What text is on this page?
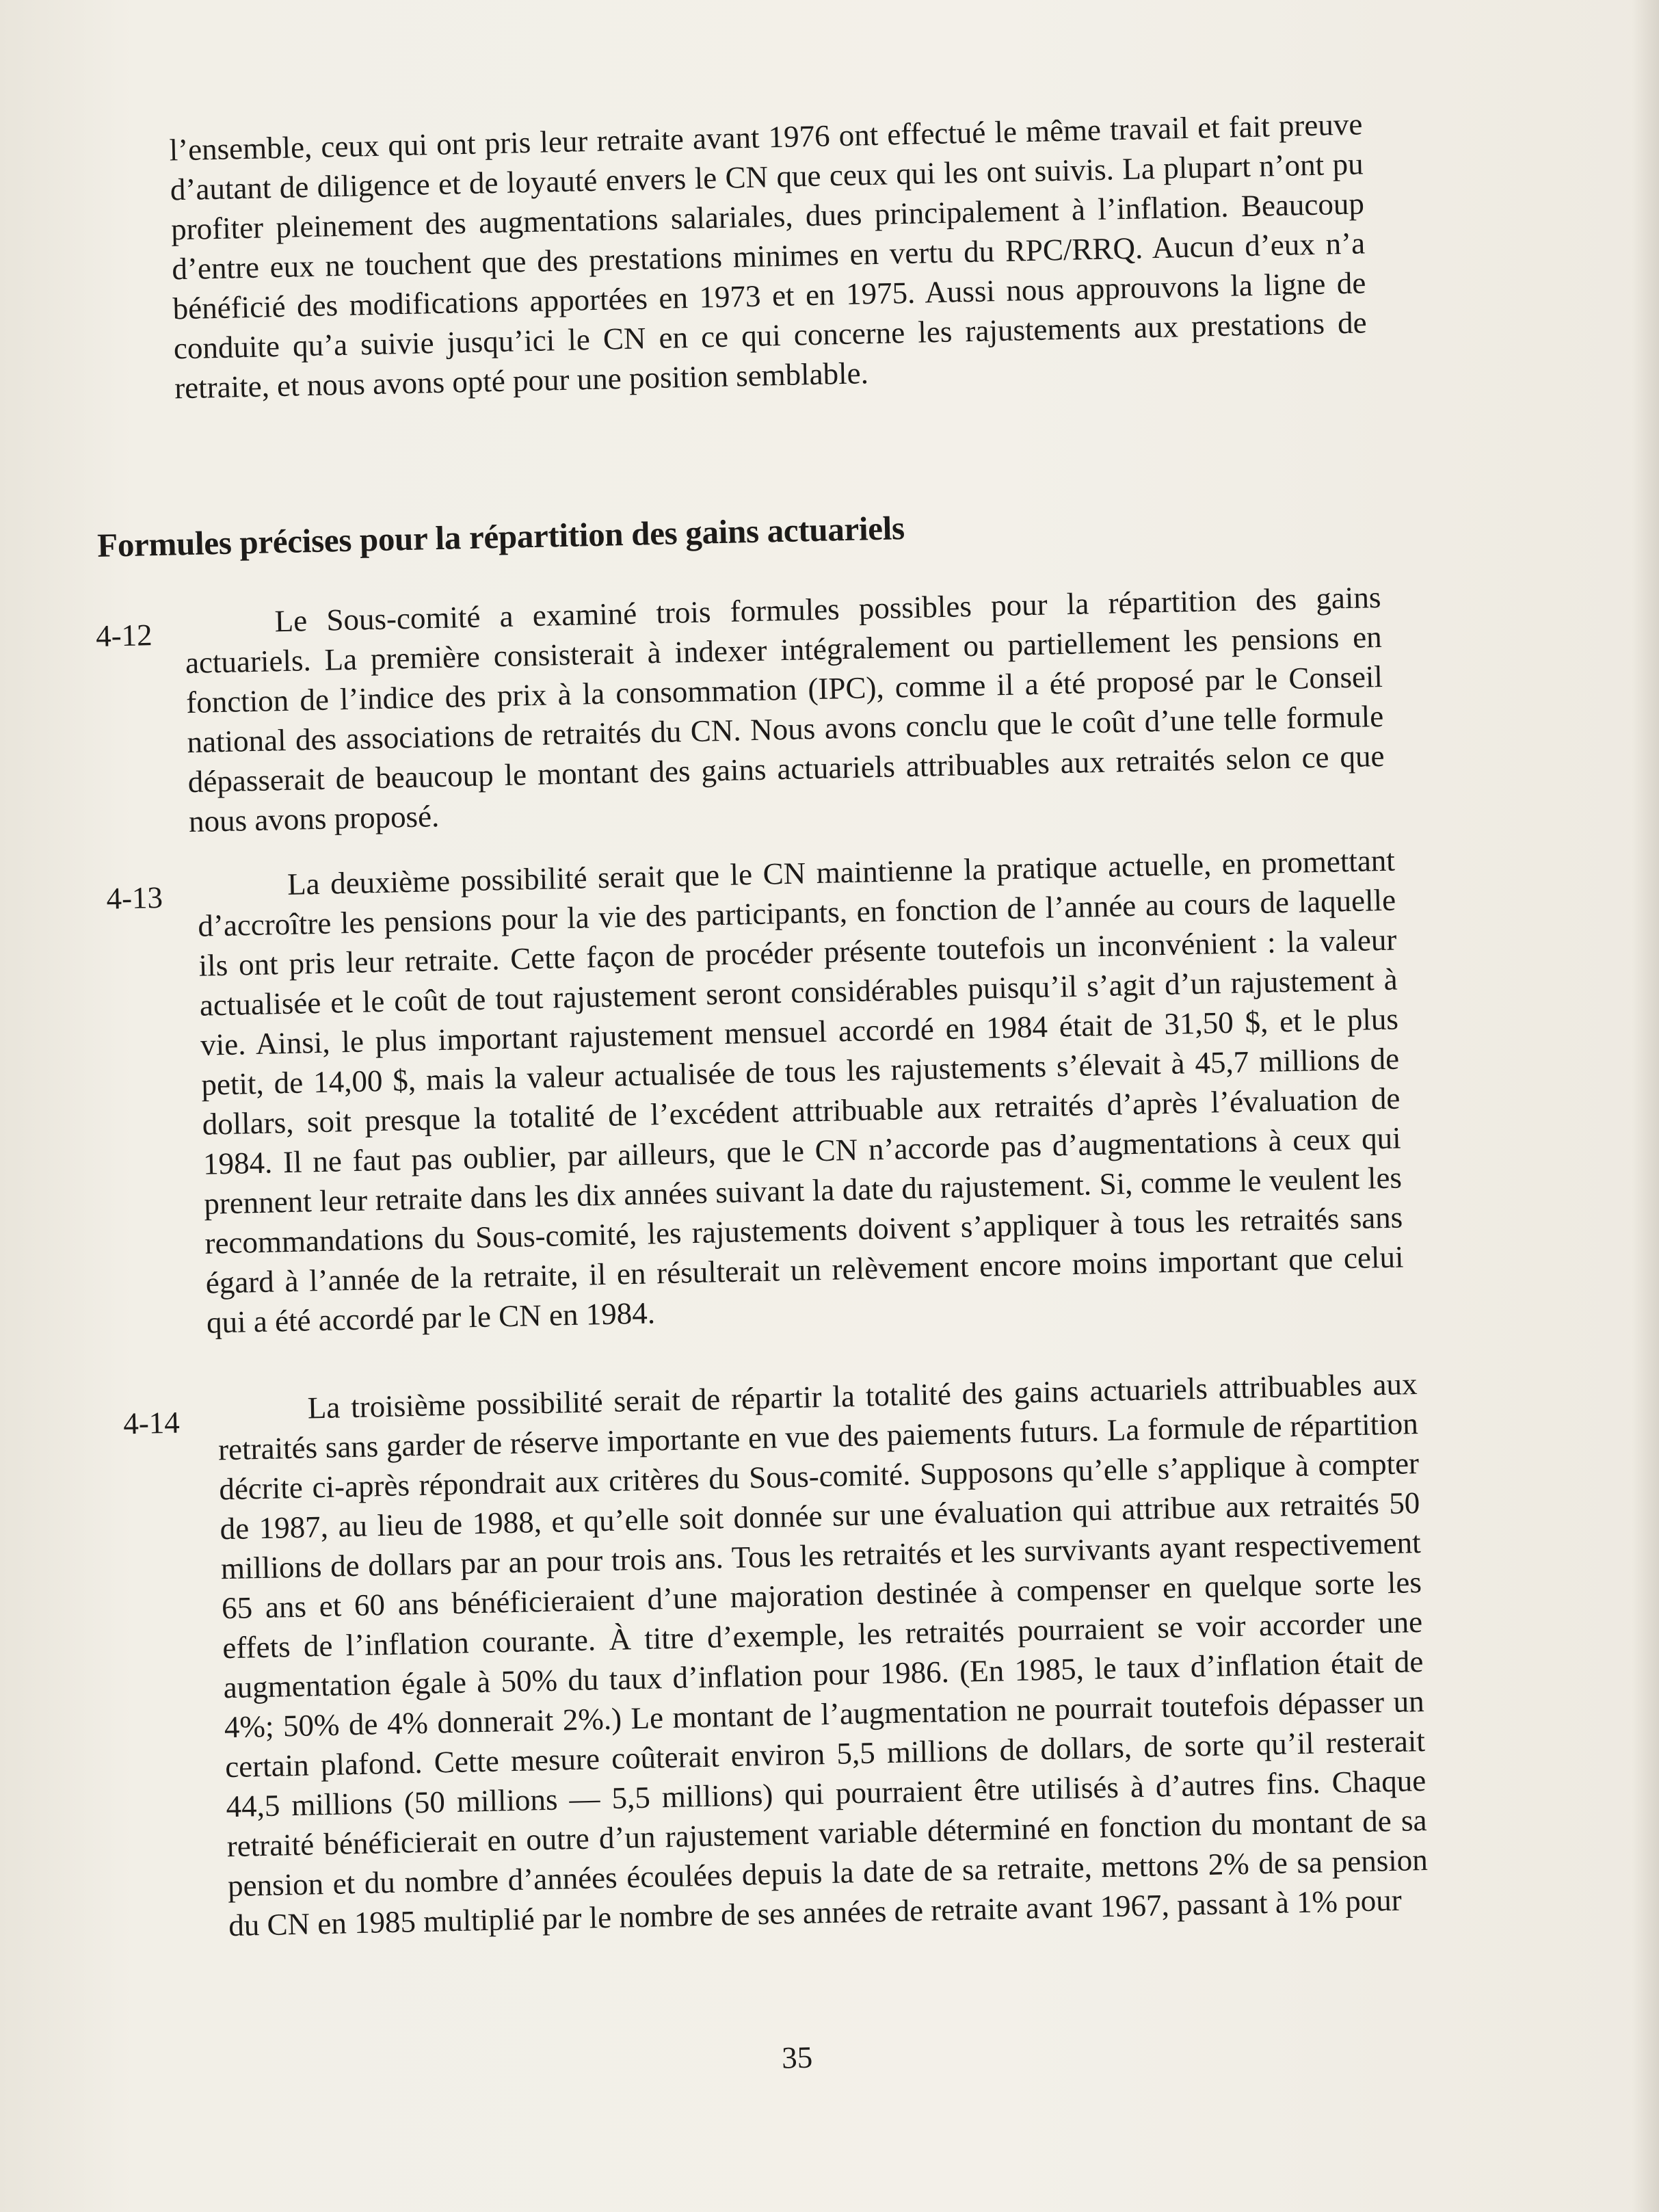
l’ensemble, ceux qui ont pris leur retraite avant 1976 ont effectué le même travail et fait preuve d’autant de diligence et de loyauté envers le CN que ceux qui les ont suivis. La plupart n’ont pu profiter pleinement des augmentations salariales, dues principalement à l’inflation. Beaucoup d’entre eux ne touchent que des prestations minimes en vertu du RPC/RRQ. Aucun d’eux n’a bénéficié des modifications apportées en 1973 et en 1975. Aussi nous approuvons la ligne de conduite qu’a suivie jusqu’ici le CN en ce qui concerne les rajustements aux prestations de retraite, et nous avons opté pour une position semblable.

Formules précises pour la répartition des gains actuariels
4-12	Le Sous-comité a examiné trois formules possibles pour la répartition des gains actuariels. La première consisterait à indexer intégralement ou partiellement les pensions en fonction de l’indice des prix à la consommation (IPC), comme il a été proposé par le Conseil national des associations de retraités du CN. Nous avons conclu que le coût d’une telle formule dépasserait de beaucoup le montant des gains actuariels attribuables aux retraités selon ce que nous avons proposé.

4-13	La deuxième possibilité serait que le CN maintienne la pratique actuelle, en promettant d’accroître les pensions pour la vie des participants, en fonction de l’année au cours de laquelle ils ont pris leur retraite. Cette façon de procéder présente toutefois un inconvénient : la valeur actualisée et le coût de tout rajustement seront considérables puisqu’il s’agit d’un rajustement à vie. Ainsi, le plus important rajustement mensuel accordé en 1984 était de 31,50 $, et le plus petit, de 14,00 $, mais la valeur actualisée de tous les rajustements s’élevait à 45,7 millions de dollars, soit presque la totalité de l’excédent attribuable aux retraités d’après l’évaluation de 1984. Il ne faut pas oublier, par ailleurs, que le CN n’accorde pas d’augmentations à ceux qui prennent leur retraite dans les dix années suivant la date du rajustement. Si, comme le veulent les recommandations du Sous-comité, les rajustements doivent s’appliquer à tous les retraités sans égard à l’année de la retraite, il en résulterait un relèvement encore moins important que celui qui a été accordé par le CN en 1984.

4-14	La troisième possibilité serait de répartir la totalité des gains actuariels attribuables aux retraités sans garder de réserve importante en vue des paiements futurs. La formule de répartition décrite ci-après répondrait aux critères du Sous-comité. Supposons qu’elle s’applique à compter de 1987, au lieu de 1988, et qu’elle soit donnée sur une évaluation qui attribue aux retraités 50 millions de dollars par an pour trois ans. Tous les retraités et les survivants ayant respectivement 65 ans et 60 ans bénéficieraient d’une majoration destinée à compenser en quelque sorte les effets de l’inflation courante. À titre d’exemple, les retraités pourraient se voir accorder une augmentation égale à 50% du taux d’inflation pour 1986. (En 1985, le taux d’inflation était de 4%; 50% de 4% donnerait 2%.) Le montant de l’augmentation ne pourrait toutefois dépasser un certain plafond. Cette mesure coûterait environ 5,5 millions de dollars, de sorte qu’il resterait 44,5 millions (50 millions — 5,5 millions) qui pourraient être utilisés à d’autres fins. Chaque retraité bénéficierait en outre d’un rajustement variable déterminé en fonction du montant de sa pension et du nombre d’années écoulées depuis la date de sa retraite, mettons 2% de sa pension du CN en 1985 multiplié par le nombre de ses années de retraite avant 1967, passant à 1% pour

35
